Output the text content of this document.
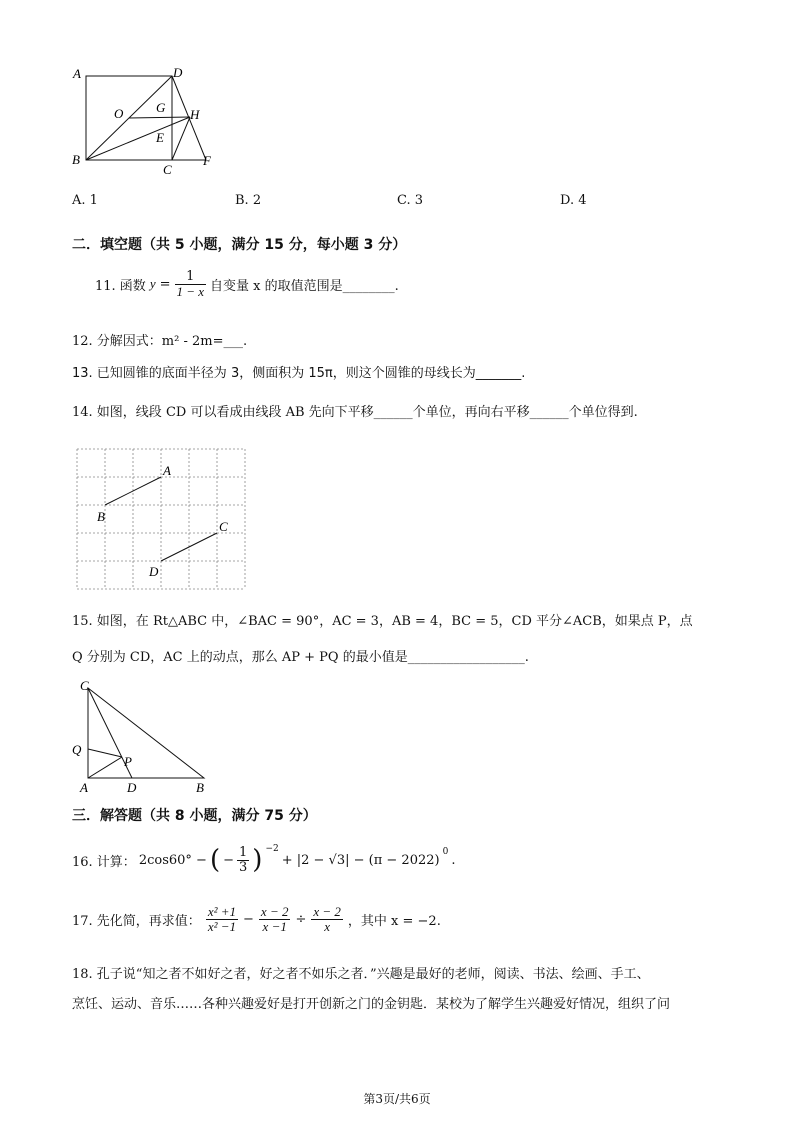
A	D
O	G H
E
B
C
F
A. 1	B. 2	C. 3	D. 4
二．填空题（共 5 小题，满分 15 分，每小题 3 分）
11. 函数 $y = \frac{1}{1 - x}$ 自变量 x 的取值范围是________.
12. 分解因式：m² - 2m=___.
13. 已知圆锥的底面半径为 3，侧面积为 15π，则这个圆锥的母线长为_______.
14. 如图，线段 CD 可以看成由线段 AB 先向下平移______个单位，再向右平移______个单位得到.
A
B
C
D
15. 如图，在 Rt△ABC 中，∠BAC = 90°，AC = 3，AB = 4，BC = 5，CD 平分∠ACB，如果点 P，点
Q 分别为 CD，AC 上的动点，那么 AP + PQ 的最小值是__________________.
C
Q
P
A	D	B
三．解答题（共 8 小题，满分 75 分）
16. 计算： 2cos60° − ( − $\frac{1}{3}$ ) −2
+ |2 − √3| − (π − 2022)
0
.
17. 先化简，再求值： $\frac{\text{x² +1}}{\text{x² −1}} - \frac{x - 2}{x -1} \div \frac{x - 2}{x}$ ，其中 x = −2.
18. 孔子说“知之者不如好之者，好之者不如乐之者．”兴趣是最好的老师，阅读、书法、绘画、手工、
烹饪、运动、音乐……各种兴趣爱好是打开创新之门的金钥匙．某校为了解学生兴趣爱好情况，组织了问
第3页/共6页
